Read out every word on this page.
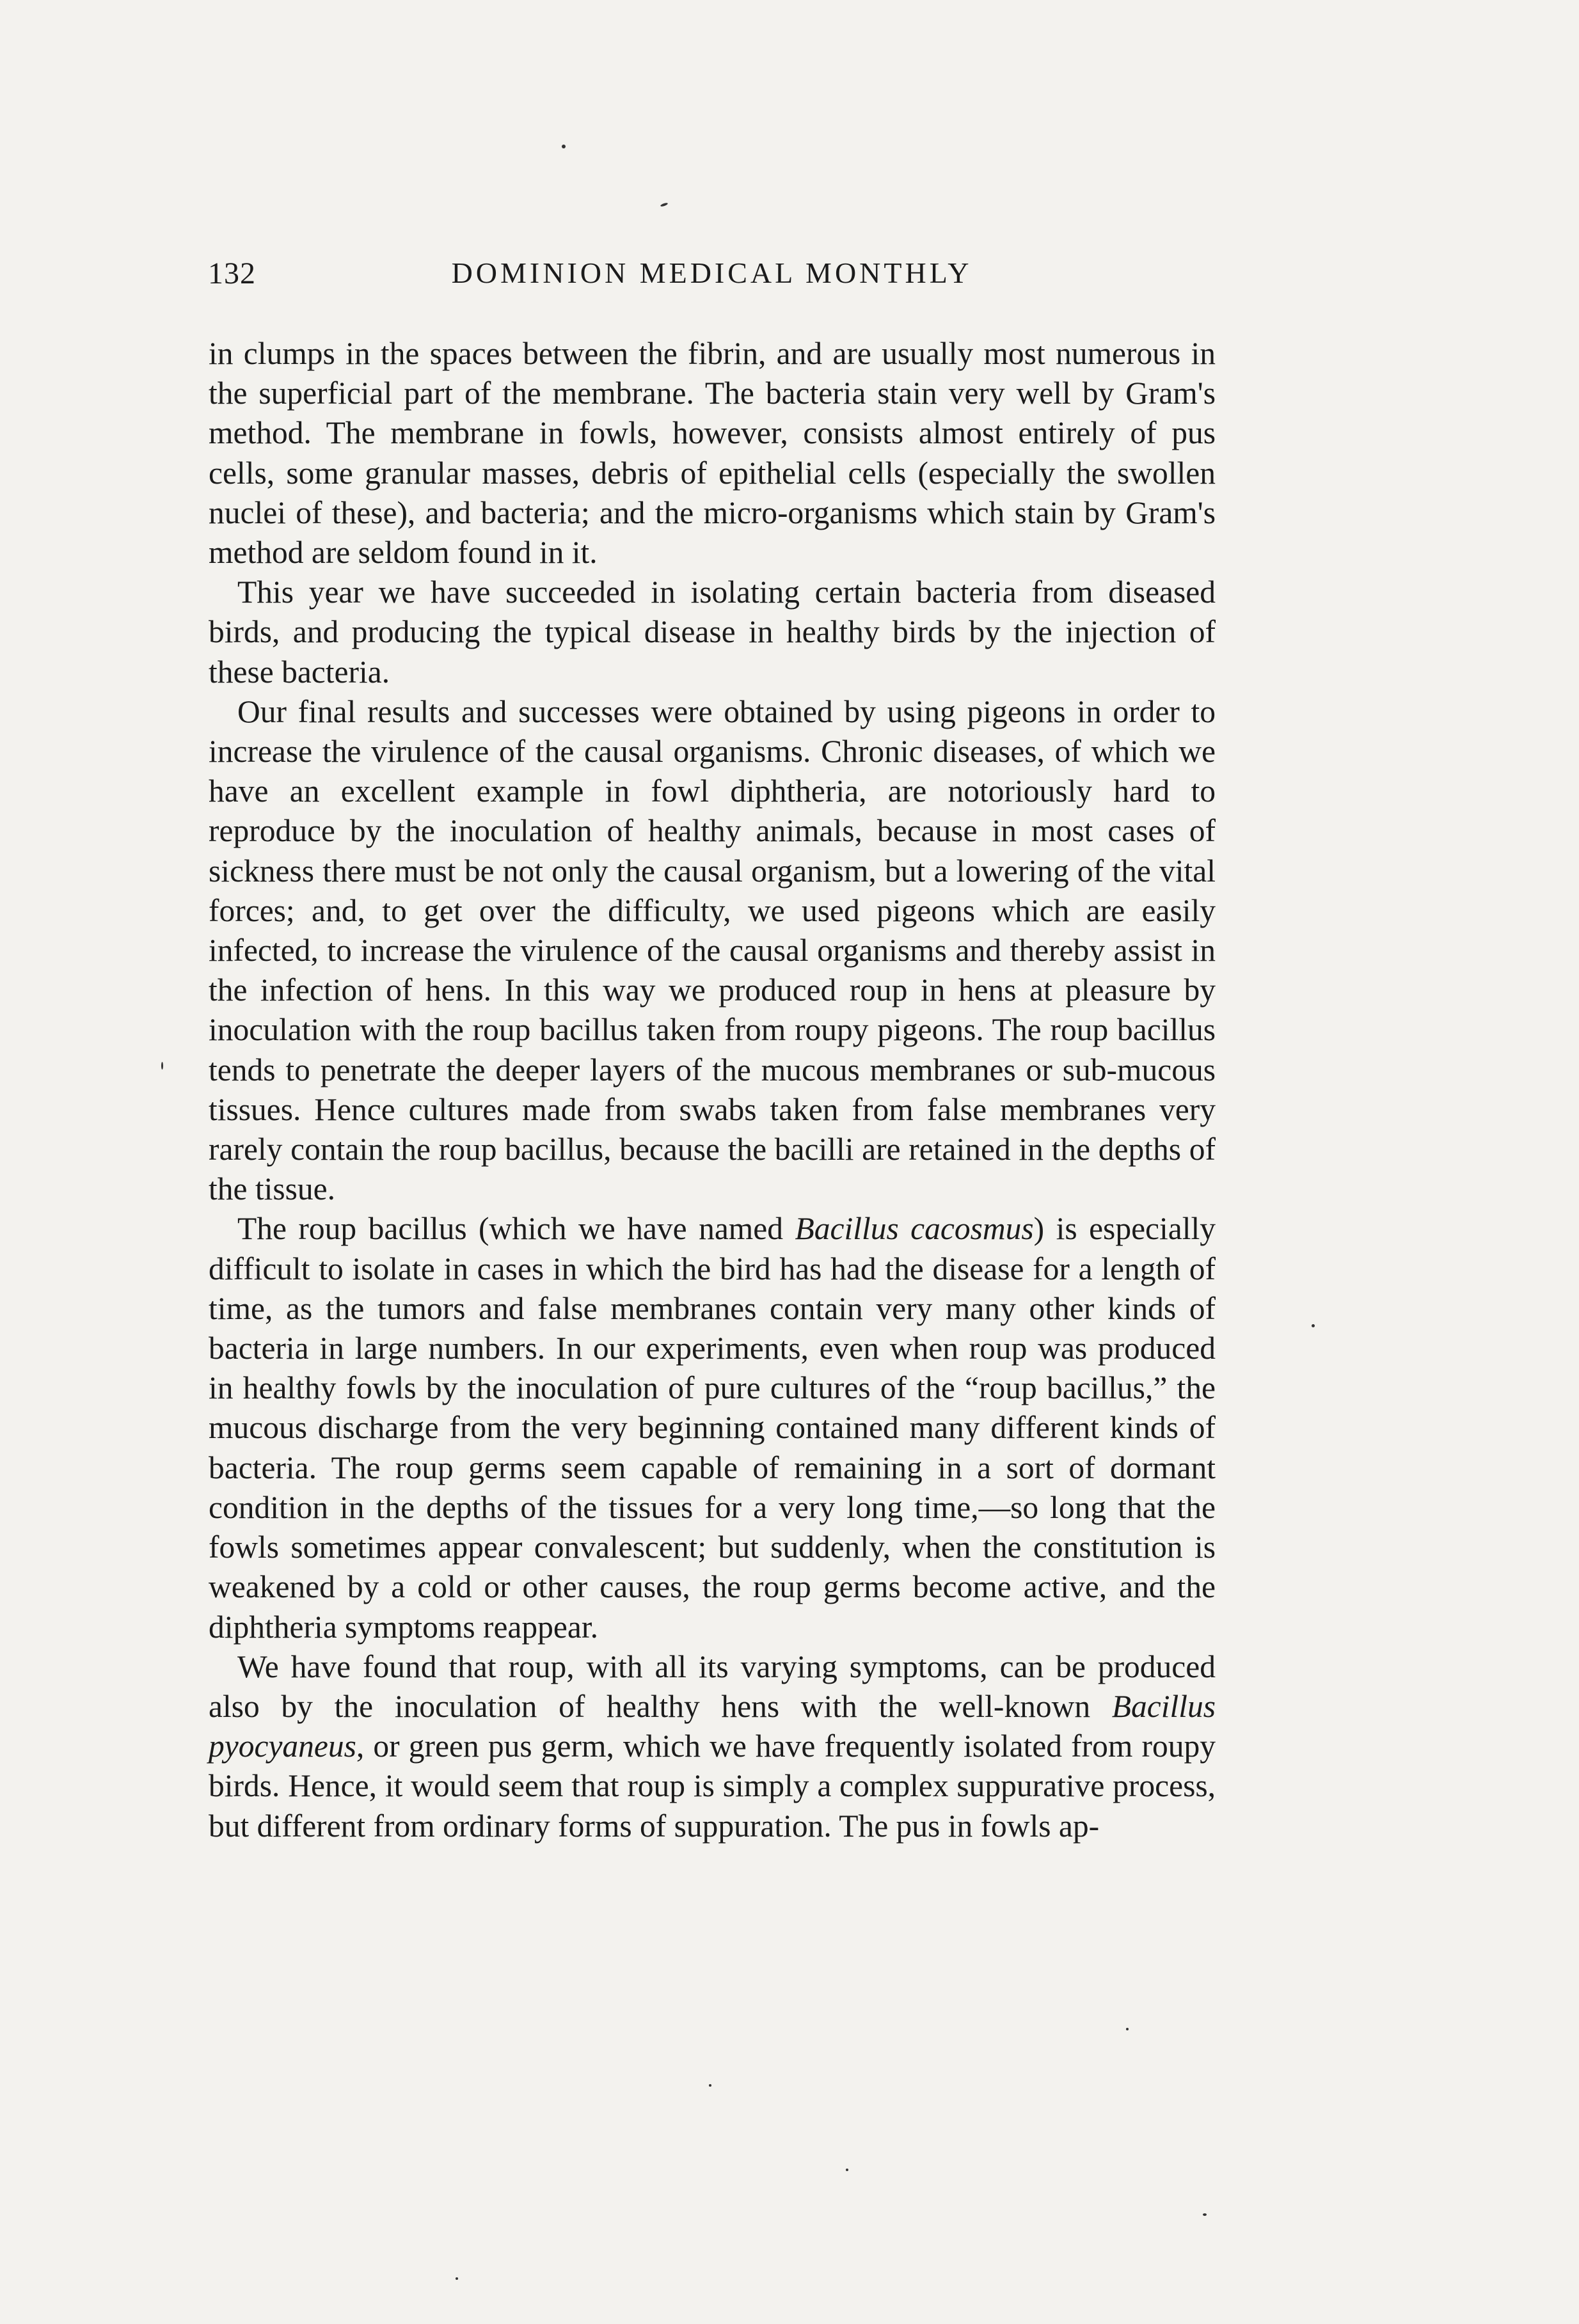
132	DOMINION MEDICAL MONTHLY

in clumps in the spaces between the fibrin, and are usually most numerous in the superficial part of the membrane. The bacteria stain very well by Gram's method. The membrane in fowls, however, consists almost entirely of pus cells, some granular masses, debris of epithelial cells (especially the swollen nuclei of these), and bacteria; and the micro-organisms which stain by Gram's method are seldom found in it.

This year we have succeeded in isolating certain bacteria from diseased birds, and producing the typical disease in healthy birds by the injection of these bacteria.

Our final results and successes were obtained by using pigeons in order to increase the virulence of the causal organisms. Chronic diseases, of which we have an excellent example in fowl diphtheria, are notoriously hard to reproduce by the inoculation of healthy animals, because in most cases of sickness there must be not only the causal organism, but a lowering of the vital forces; and, to get over the difficulty, we used pigeons which are easily infected, to increase the virulence of the causal organisms and thereby assist in the infection of hens. In this way we produced roup in hens at pleasure by inoculation with the roup bacillus taken from roupy pigeons. The roup bacillus tends to penetrate the deeper layers of the mucous membranes or sub-mucous tissues. Hence cultures made from swabs taken from false membranes very rarely contain the roup bacillus, because the bacilli are retained in the depths of the tissue.

The roup bacillus (which we have named Bacillus cacosmus) is especially difficult to isolate in cases in which the bird has had the disease for a length of time, as the tumors and false membranes contain very many other kinds of bacteria in large numbers. In our experiments, even when roup was produced in healthy fowls by the inoculation of pure cultures of the “roup bacillus,” the mucous discharge from the very beginning contained many different kinds of bacteria. The roup germs seem capable of remaining in a sort of dormant condition in the depths of the tissues for a very long time,—so long that the fowls sometimes appear convalescent; but suddenly, when the constitution is weakened by a cold or other causes, the roup germs become active, and the diphtheria symptoms reappear.

We have found that roup, with all its varying symptoms, can be produced also by the inoculation of healthy hens with the well-known Bacillus pyocyaneus, or green pus germ, which we have frequently isolated from roupy birds. Hence, it would seem that roup is simply a complex suppurative process, but different from ordinary forms of suppuration. The pus in fowls ap-
